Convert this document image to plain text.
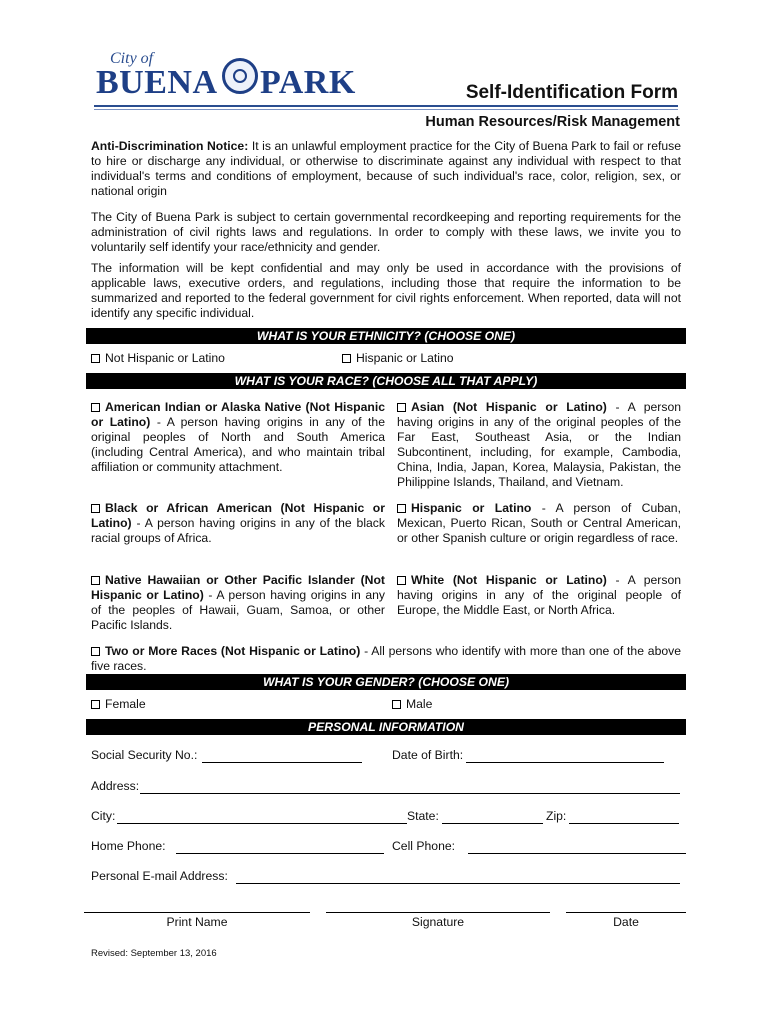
City of
BUENA PARK	Self-Identification Form
Human Resources/Risk Management

Anti-Discrimination Notice: It is an unlawful employment practice for the City of Buena Park to fail or refuse to hire or discharge any individual, or otherwise to discriminate against any individual with respect to that individual's terms and conditions of employment, because of such individual's race, color, religion, sex, or national origin

The City of Buena Park is subject to certain governmental recordkeeping and reporting requirements for the administration of civil rights laws and regulations. In order to comply with these laws, we invite you to voluntarily self identify your race/ethnicity and gender.

The information will be kept confidential and may only be used in accordance with the provisions of applicable laws, executive orders, and regulations, including those that require the information to be summarized and reported to the federal government for civil rights enforcement. When reported, data will not identify any specific individual.

WHAT IS YOUR ETHNICITY? (CHOOSE ONE)
Not Hispanic or Latino	Hispanic or Latino
WHAT IS YOUR RACE? (CHOOSE ALL THAT APPLY)
American Indian or Alaska Native (Not Hispanic or Latino) - A person having origins in any of the original peoples of North and South America (including Central America), and who maintain tribal affiliation or community attachment.
Asian (Not Hispanic or Latino) - A person having origins in any of the original peoples of the Far East, Southeast Asia, or the Indian Subcontinent, including, for example, Cambodia, China, India, Japan, Korea, Malaysia, Pakistan, the Philippine Islands, Thailand, and Vietnam.
Black or African American (Not Hispanic or Latino) - A person having origins in any of the black racial groups of Africa.
Hispanic or Latino - A person of Cuban, Mexican, Puerto Rican, South or Central American, or other Spanish culture or origin regardless of race.
Native Hawaiian or Other Pacific Islander (Not Hispanic or Latino) - A person having origins in any of the peoples of Hawaii, Guam, Samoa, or other Pacific Islands.
White (Not Hispanic or Latino) - A person having origins in any of the original people of Europe, the Middle East, or North Africa.
Two or More Races (Not Hispanic or Latino) - All persons who identify with more than one of the above five races.
WHAT IS YOUR GENDER? (CHOOSE ONE)
Female	Male
PERSONAL INFORMATION
Social Security No.:	Date of Birth:
Address:
City:	State:	Zip:
Home Phone:	Cell Phone:
Personal E-mail Address:
Print Name	Signature	Date
Revised: September 13, 2016
